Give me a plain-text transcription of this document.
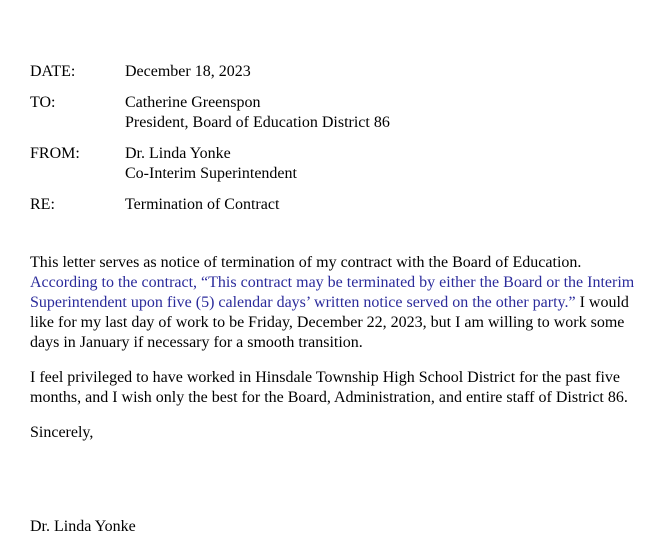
DATE:	December 18, 2023
TO:	Catherine Greenspon
President, Board of Education District 86
FROM:	Dr. Linda Yonke
Co-Interim Superintendent
RE:	Termination of Contract

This letter serves as notice of termination of my contract with the Board of Education. According to the contract, “This contract may be terminated by either the Board or the Interim Superintendent upon five (5) calendar days’ written notice served on the other party.” I would like for my last day of work to be Friday, December 22, 2023, but I am willing to work some days in January if necessary for a smooth transition.

I feel privileged to have worked in Hinsdale Township High School District for the past five months, and I wish only the best for the Board, Administration, and entire staff of District 86.

Sincerely,

Dr. Linda Yonke
